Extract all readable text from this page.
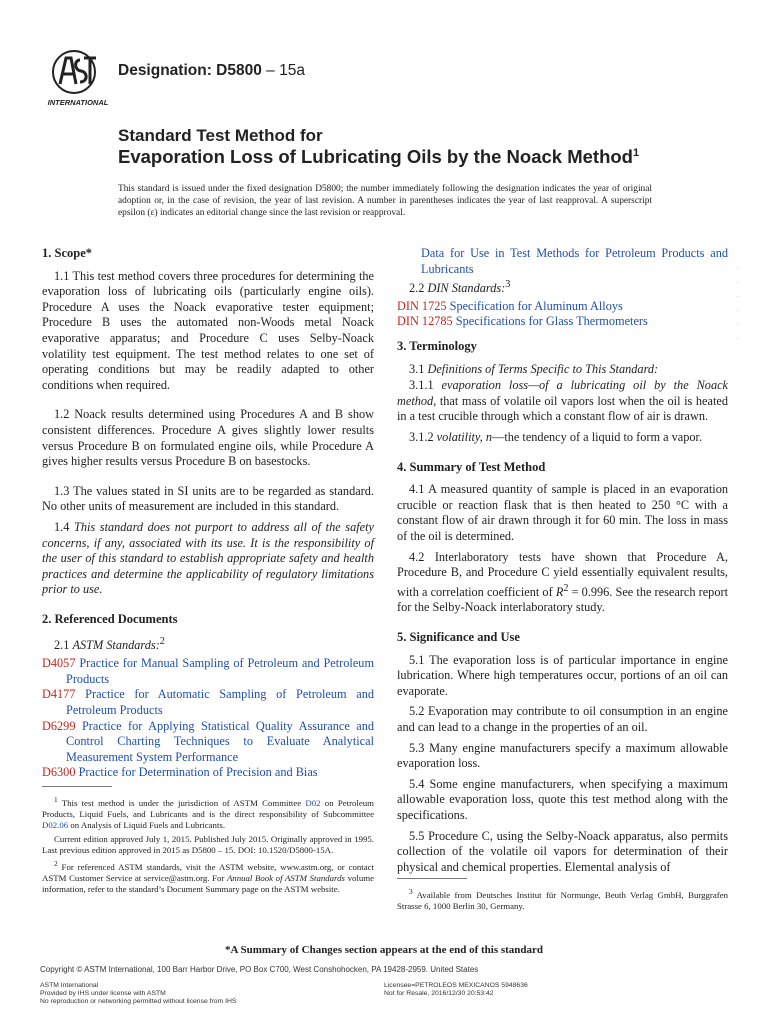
INTERNATIONAL
Designation: D5800 – 15a
Standard Test Method for
Evaporation Loss of Lubricating Oils by the Noack Method$^1$
This standard is issued under the fixed designation D5800; the number immediately following the designation indicates the year of original adoption or, in the case of revision, the year of last revision. A number in parentheses indicates the year of last reapproval. A superscript epsilon (ε) indicates an editorial change since the last revision or reapproval.
1. Scope*

1.1 This test method covers three procedures for determining the evaporation loss of lubricating oils (particularly engine oils). Procedure A uses the Noack evaporative tester equipment; Procedure B uses the automated non-Woods metal Noack evaporative apparatus; and Procedure C uses Selby-Noack volatility test equipment. The test method relates to one set of operating conditions but may be readily adapted to other conditions when required.

1.2 Noack results determined using Procedures A and B show consistent differences. Procedure A gives slightly lower results versus Procedure B on formulated engine oils, while Procedure A gives higher results versus Procedure B on basestocks.

1.3 The values stated in SI units are to be regarded as standard. No other units of measurement are included in this standard.

1.4 This standard does not purport to address all of the safety concerns, if any, associated with its use. It is the responsibility of the user of this standard to establish appropriate safety and health practices and determine the applicability of regulatory limitations prior to use.

2. Referenced Documents
2.1 ASTM Standards:$^2$
D4057 Practice for Manual Sampling of Petroleum and Petroleum Products
D4177 Practice for Automatic Sampling of Petroleum and Petroleum Products
D6299 Practice for Applying Statistical Quality Assurance and Control Charting Techniques to Evaluate Analytical Measurement System Performance
D6300 Practice for Determination of Precision and Bias

$^1$ This test method is under the jurisdiction of ASTM Committee D02 on Petroleum Products, Liquid Fuels, and Lubricants and is the direct responsibility of Subcommittee D02.06 on Analysis of Liquid Fuels and Lubricants.

Current edition approved July 1, 2015. Published July 2015. Originally approved in 1995. Last previous edition approved in 2015 as D5800 – 15. DOI: 10.1520/D5800-15A.

$^2$ For referenced ASTM standards, visit the ASTM website, www.astm.org, or contact ASTM Customer Service at service@astm.org. For Annual Book of ASTM Standards volume information, refer to the standard’s Document Summary page on the ASTM website.

Data for Use in Test Methods for Petroleum Products and Lubricants
2.2 DIN Standards:$^3$
DIN 1725 Specification for Aluminum Alloys
DIN 12785 Specifications for Glass Thermometers
3. Terminology

3.1 Definitions of Terms Specific to This Standard:

3.1.1 evaporation loss—of a lubricating oil by the Noack method, that mass of volatile oil vapors lost when the oil is heated in a test crucible through which a constant flow of air is drawn.

3.1.2 volatility, n—the tendency of a liquid to form a vapor.

4. Summary of Test Method

4.1 A measured quantity of sample is placed in an evaporation crucible or reaction flask that is then heated to 250 °C with a constant flow of air drawn through it for 60 min. The loss in mass of the oil is determined.

4.2 Interlaboratory tests have shown that Procedure A, Procedure B, and Procedure C yield essentially equivalent results, with a correlation coefficient of $R^2 = 0.996$. See the research report for the Selby-Noack interlaboratory study.

5. Significance and Use

5.1 The evaporation loss is of particular importance in engine lubrication. Where high temperatures occur, portions of an oil can evaporate.

5.2 Evaporation may contribute to oil consumption in an engine and can lead to a change in the properties of an oil.

5.3 Many engine manufacturers specify a maximum allowable evaporation loss.

5.4 Some engine manufacturers, when specifying a maximum allowable evaporation loss, quote this test method along with the specifications.

5.5 Procedure C, using the Selby-Noack apparatus, also permits collection of the volatile oil vapors for determination of their physical and chemical properties. Elemental analysis of

$^3$ Available from Deutsches Institut für Normunge, Beuth Verlag GmbH, Burggrafen Strasse 6, 1000 Berlin 30, Germany.

·
·
·
·
·
·
*A Summary of Changes section appears at the end of this standard
Copyright © ASTM International, 100 Barr Harbor Drive, PO Box C700, West Conshohocken, PA 19428-2959. United States
ASTM International
Provided by IHS under license with ASTM
No reproduction or networking permitted without license from IHS
Licensee=PETROLEOS MEXICANOS 5948636
Not for Resale, 2016/12/30 20:53:42
